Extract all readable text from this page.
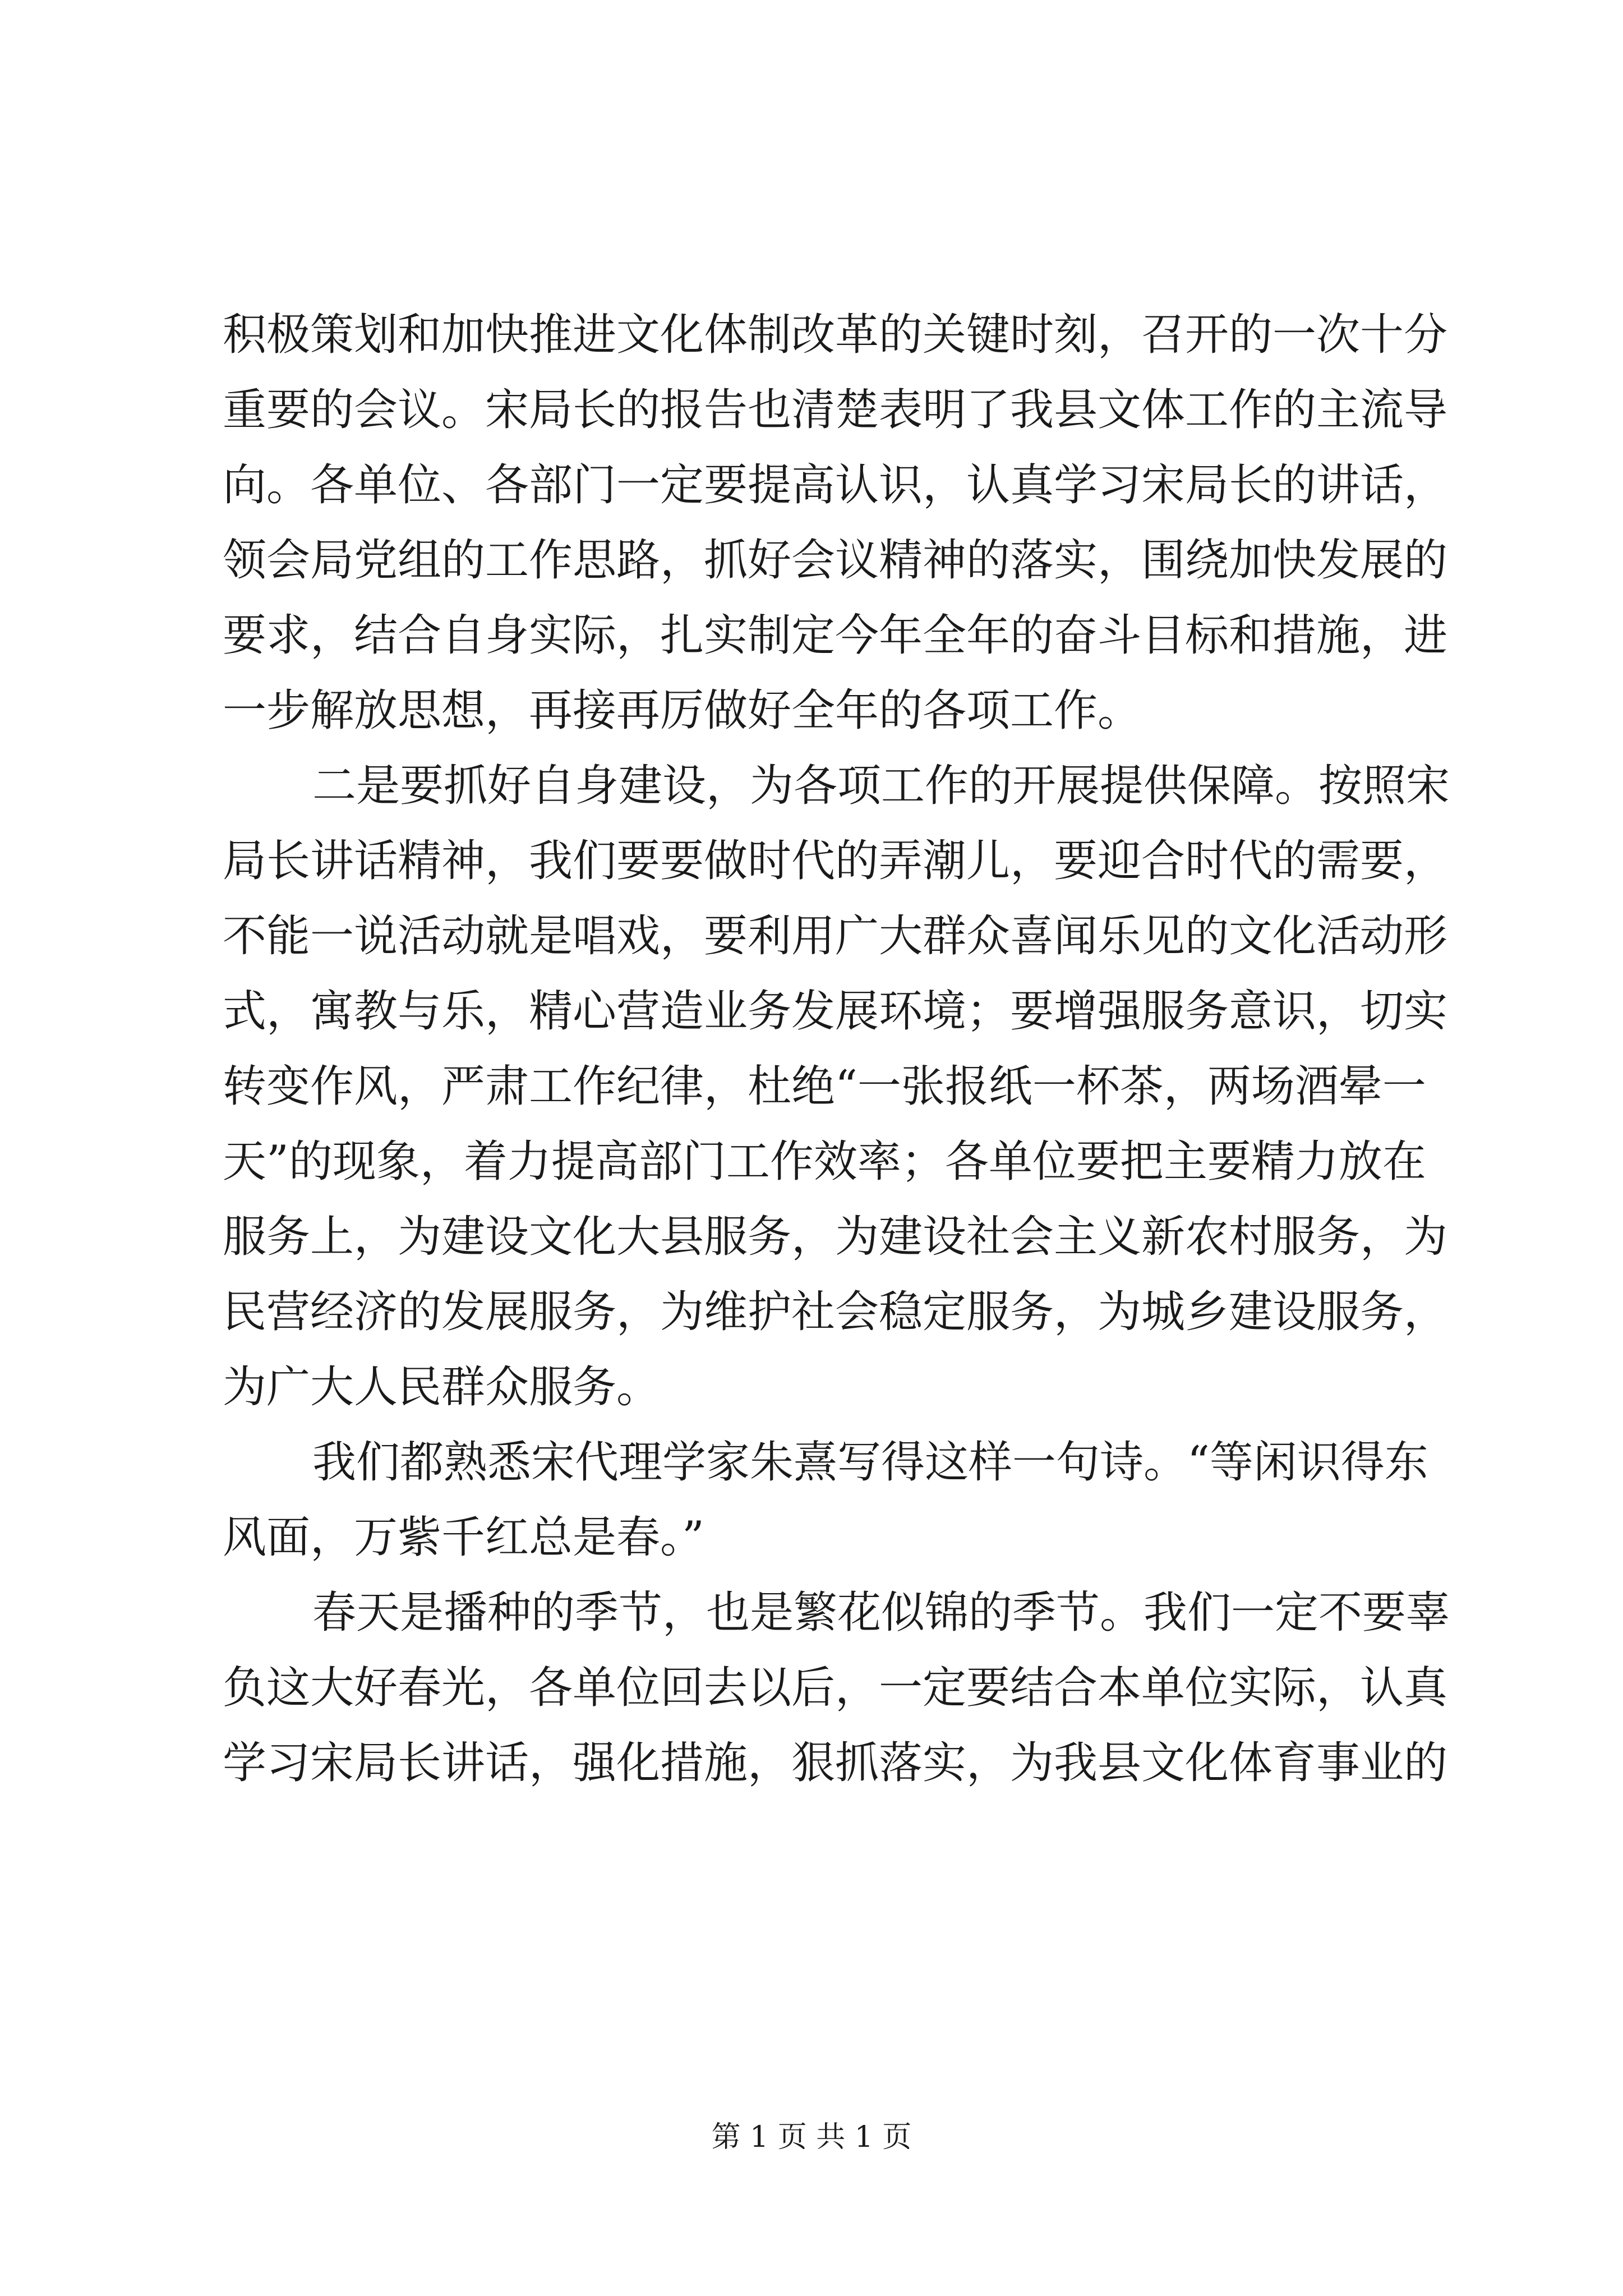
积极策划和加快推进文化体制改革的关键时刻，召开的一次十分
重要的会议。宋局长的报告也清楚表明了我县文体工作的主流导
向。各单位、各部门一定要提高认识，认真学习宋局长的讲话，
领会局党组的工作思路，抓好会议精神的落实，围绕加快发展的
要求，结合自身实际，扎实制定今年全年的奋斗目标和措施，进
一步解放思想，再接再厉做好全年的各项工作。
二是要抓好自身建设，为各项工作的开展提供保障。按照宋
局长讲话精神，我们要要做时代的弄潮儿，要迎合时代的需要，
不能一说活动就是唱戏，要利用广大群众喜闻乐见的文化活动形
式，寓教与乐，精心营造业务发展环境；要增强服务意识，切实
转变作风，严肃工作纪律，杜绝“一张报纸一杯茶，两场酒晕一
天”的现象，着力提高部门工作效率；各单位要把主要精力放在
服务上，为建设文化大县服务，为建设社会主义新农村服务，为
民营经济的发展服务，为维护社会稳定服务，为城乡建设服务，
为广大人民群众服务。
我们都熟悉宋代理学家朱熹写得这样一句诗。“等闲识得东
风面，万紫千红总是春。”
春天是播种的季节，也是繁花似锦的季节。我们一定不要辜
负这大好春光，各单位回去以后，一定要结合本单位实际，认真
学习宋局长讲话，强化措施，狠抓落实，为我县文化体育事业的
第 1 页 共 1 页
